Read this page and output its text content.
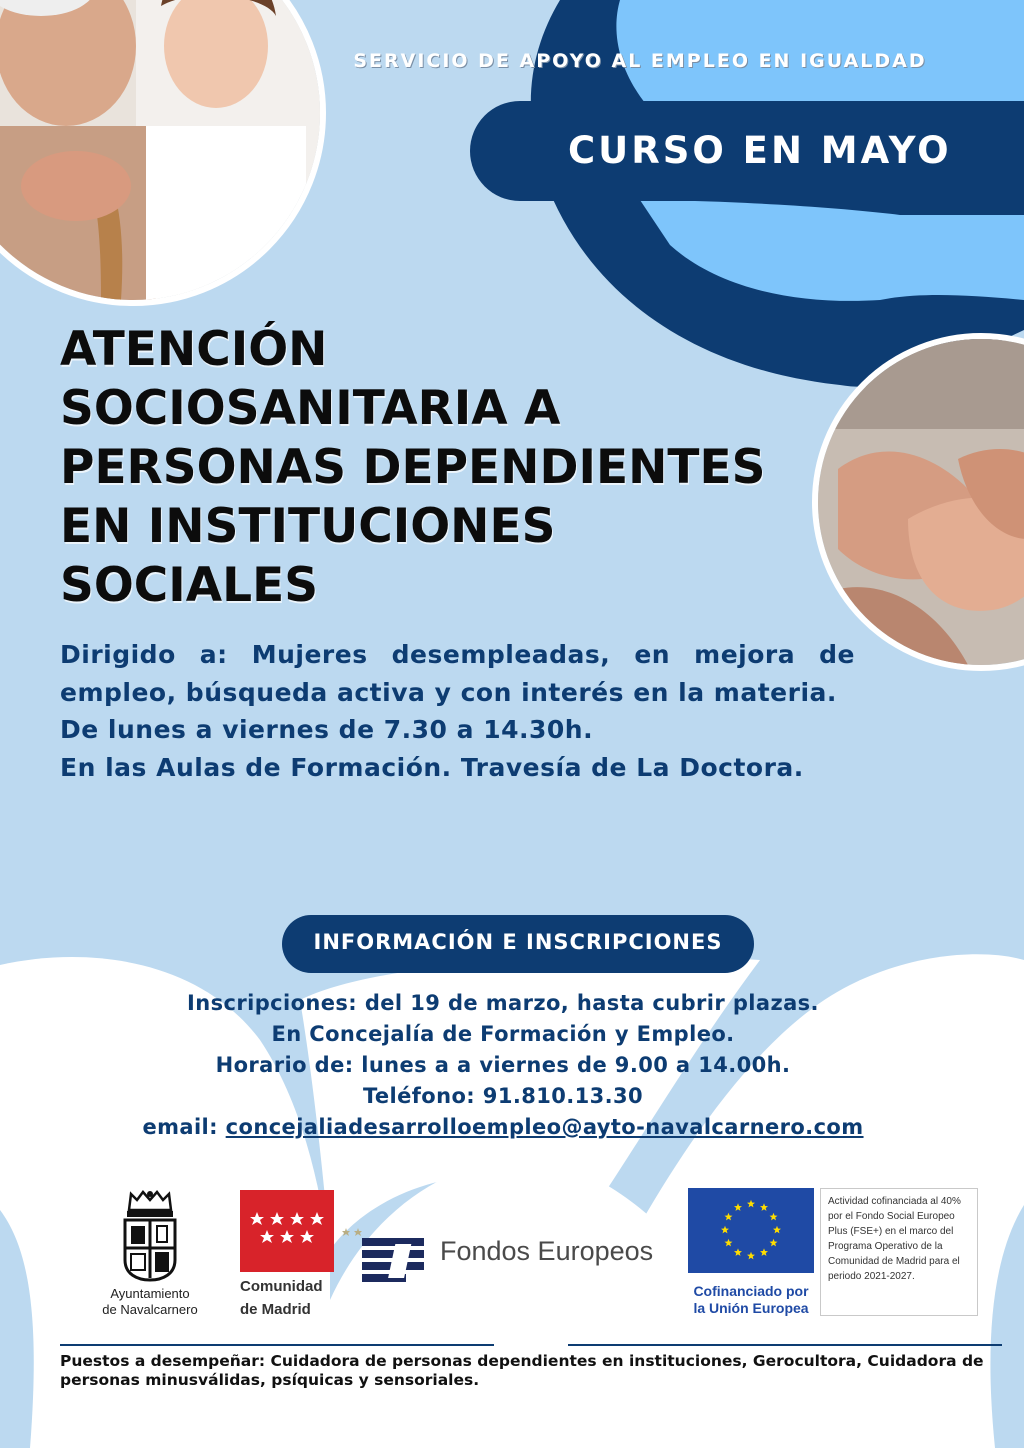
SERVICIO DE APOYO AL EMPLEO EN IGUALDAD
CURSO EN MAYO
ATENCIÓN
SOCIOSANITARIA A
PERSONAS DEPENDIENTES
EN INSTITUCIONES
SOCIALES
Dirigido a: Mujeres desempleadas, en mejora de empleo, búsqueda activa y con interés en la materia.
De lunes a viernes de 7.30 a 14.30h.
En las Aulas de Formación. Travesía de La Doctora.
INFORMACIÓN E INSCRIPCIONES
Inscripciones: del 19 de marzo, hasta cubrir plazas.
En Concejalía de Formación y Empleo.
Horario de: lunes a a viernes de 9.00 a 14.00h.
Teléfono: 91.810.13.30
email: concejaliadesarrolloempleo@ayto-navalcarnero.com
Ayuntamiento
de Navalcarnero
Comunidad
de Madrid
Fondos Europeos
Cofinanciado por
la Unión Europea
Actividad cofinanciada al 40% por el Fondo Social Europeo Plus (FSE+) en el marco del Programa Operativo de la Comunidad de Madrid para el periodo 2021-2027.
Puestos a desempeñar: Cuidadora de personas dependientes en instituciones, Gerocultora, Cuidadora de personas minusválidas, psíquicas y sensoriales.
